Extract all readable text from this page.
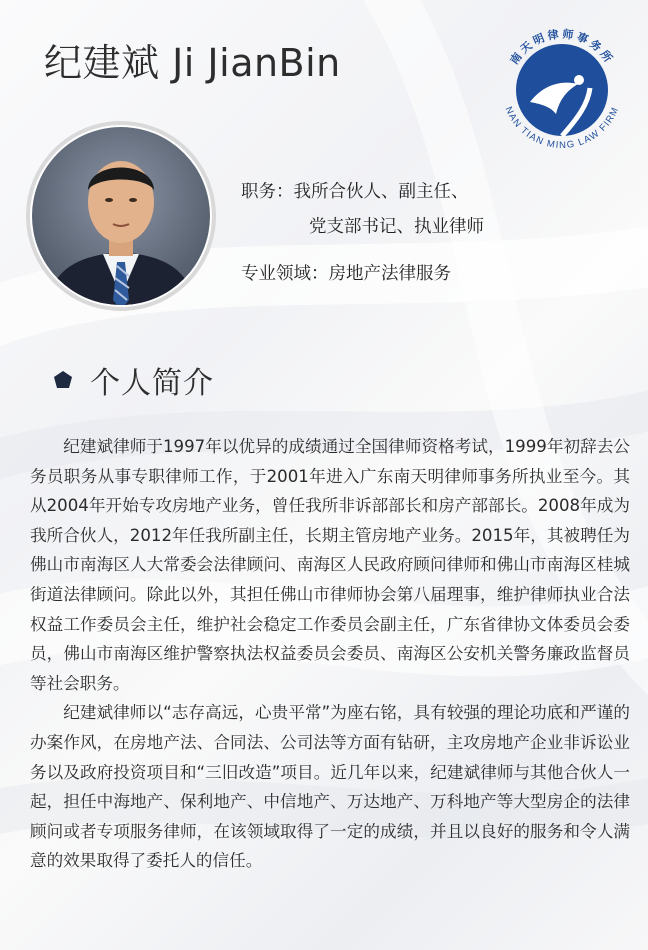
纪建斌 Ji JianBin	南天明律师事务所
NAN TIAN MING LAW FIRM
职务：我所合伙人、副主任、
党支部书记、执业律师
专业领域：房地产法律服务
个人简介

纪建斌律师于1997年以优异的成绩通过全国律师资格考试，1999年初辞去公务员职务从事专职律师工作，于2001年进入广东南天明律师事务所执业至今。其从2004年开始专攻房地产业务，曾任我所非诉部部长和房产部部长。2008年成为我所合伙人，2012年任我所副主任，长期主管房地产业务。2015年，其被聘任为佛山市南海区人大常委会法律顾问、南海区人民政府顾问律师和佛山市南海区桂城街道法律顾问。除此以外，其担任佛山市律师协会第八届理事，维护律师执业合法权益工作委员会主任，维护社会稳定工作委员会副主任，广东省律协文体委员会委员，佛山市南海区维护警察执法权益委员会委员、南海区公安机关警务廉政监督员等社会职务。

纪建斌律师以“志存高远，心贵平常”为座右铭，具有较强的理论功底和严谨的办案作风，在房地产法、合同法、公司法等方面有钻研，主攻房地产企业非诉讼业务以及政府投资项目和“三旧改造”项目。近几年以来，纪建斌律师与其他合伙人一起，担任中海地产、保利地产、中信地产、万达地产、万科地产等大型房企的法律顾问或者专项服务律师，在该领域取得了一定的成绩，并且以良好的服务和令人满意的效果取得了委托人的信任。
